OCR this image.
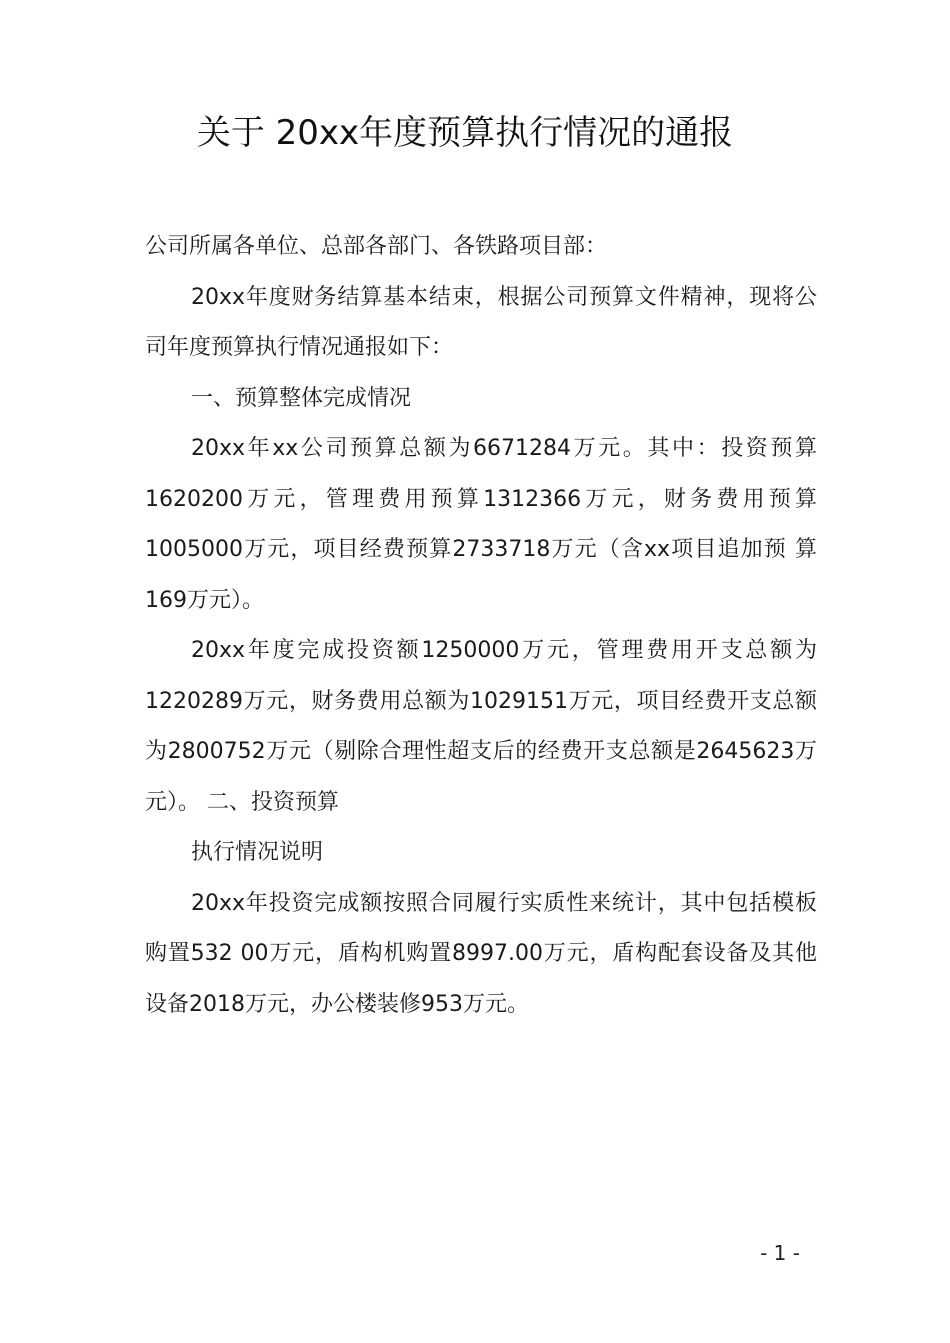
关于 20xx年度预算执行情况的通报

公司所属各单位、总部各部门、各铁路项目部：

20xx年度财务结算基本结束，根据公司预算文件精神，现将公司年度预算执行情况通报如下：

一、预算整体完成情况

20xx年xx公司预算总额为6671284万元。其中：投资预算1620200万元，管理费用预算1312366万元，财务费用预算1005000万元，项目经费预算2733718万元（含xx项目追加预 算169万元）。

20xx年度完成投资额1250000万元，管理费用开支总额为1220289万元，财务费用总额为1029151万元，项目经费开支总额为2800752万元（剔除合理性超支后的经费开支总额是2645623万元）。 二、投资预算

执行情况说明

20xx年投资完成额按照合同履行实质性来统计，其中包括模板购置532 00万元，盾构机购置8997.00万元，盾构配套设备及其他设备2018万元，办公楼装修953万元。

- 1 -
